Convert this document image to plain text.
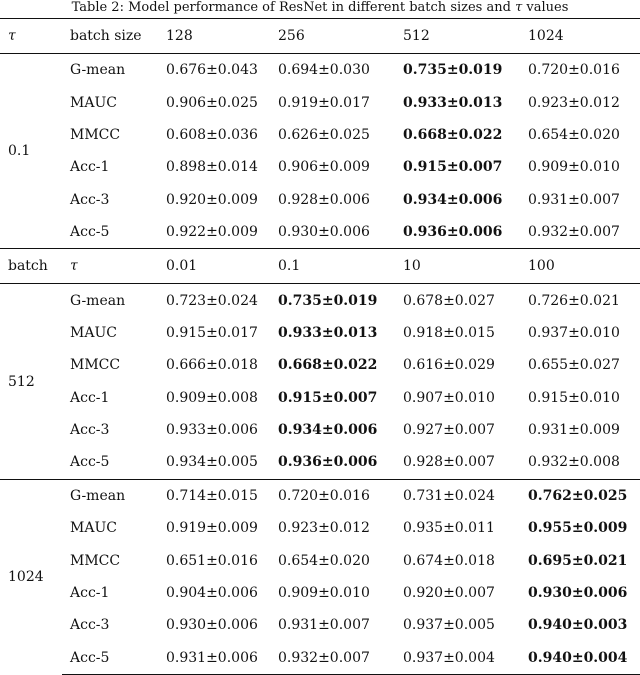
Table 2: Model performance of ResNet in different batch sizes and τ values
τ	batch size	128	256	512	1024
0.1	G-mean	0.676±0.043	0.694±0.030	0.735±0.019	0.720±0.016
	MAUC	0.906±0.025	0.919±0.017	0.933±0.013	0.923±0.012
	MMCC	0.608±0.036	0.626±0.025	0.668±0.022	0.654±0.020
	Acc-1	0.898±0.014	0.906±0.009	0.915±0.007	0.909±0.010
	Acc-3	0.920±0.009	0.928±0.006	0.934±0.006	0.931±0.007
	Acc-5	0.922±0.009	0.930±0.006	0.936±0.006	0.932±0.007
batch	τ	0.01	0.1	10	100
512	G-mean	0.723±0.024	0.735±0.019	0.678±0.027	0.726±0.021
	MAUC	0.915±0.017	0.933±0.013	0.918±0.015	0.937±0.010
	MMCC	0.666±0.018	0.668±0.022	0.616±0.029	0.655±0.027
	Acc-1	0.909±0.008	0.915±0.007	0.907±0.010	0.915±0.010
	Acc-3	0.933±0.006	0.934±0.006	0.927±0.007	0.931±0.009
	Acc-5	0.934±0.005	0.936±0.006	0.928±0.007	0.932±0.008
1024	G-mean	0.714±0.015	0.720±0.016	0.731±0.024	0.762±0.025
	MAUC	0.919±0.009	0.923±0.012	0.935±0.011	0.955±0.009
	MMCC	0.651±0.016	0.654±0.020	0.674±0.018	0.695±0.021
	Acc-1	0.904±0.006	0.909±0.010	0.920±0.007	0.930±0.006
	Acc-3	0.930±0.006	0.931±0.007	0.937±0.005	0.940±0.003
	Acc-5	0.931±0.006	0.932±0.007	0.937±0.004	0.940±0.004
